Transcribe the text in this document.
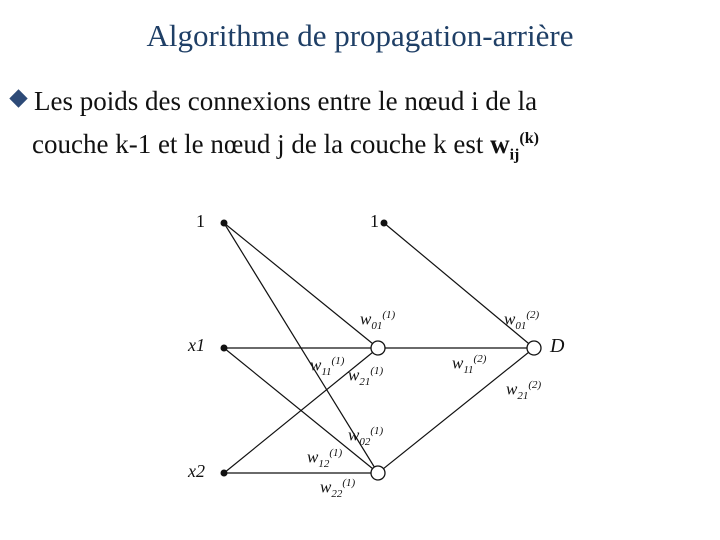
Algorithme de propagation-arrière
Les poids des connexions entre le nœud i de la
couche k-1 et le nœud j de la couche k est $w_{ij}^{(k)}$
1
x1
x2
1
D
$w_{01}^{(1)}$
$w_{11}^{(1)}$
$w_{21}^{(1)}$
$w_{02}^{(1)}$
$w_{12}^{(1)}$
$w_{22}^{(1)}$
$w_{01}^{(2)}$
$w_{11}^{(2)}$
$w_{21}^{(2)}$
